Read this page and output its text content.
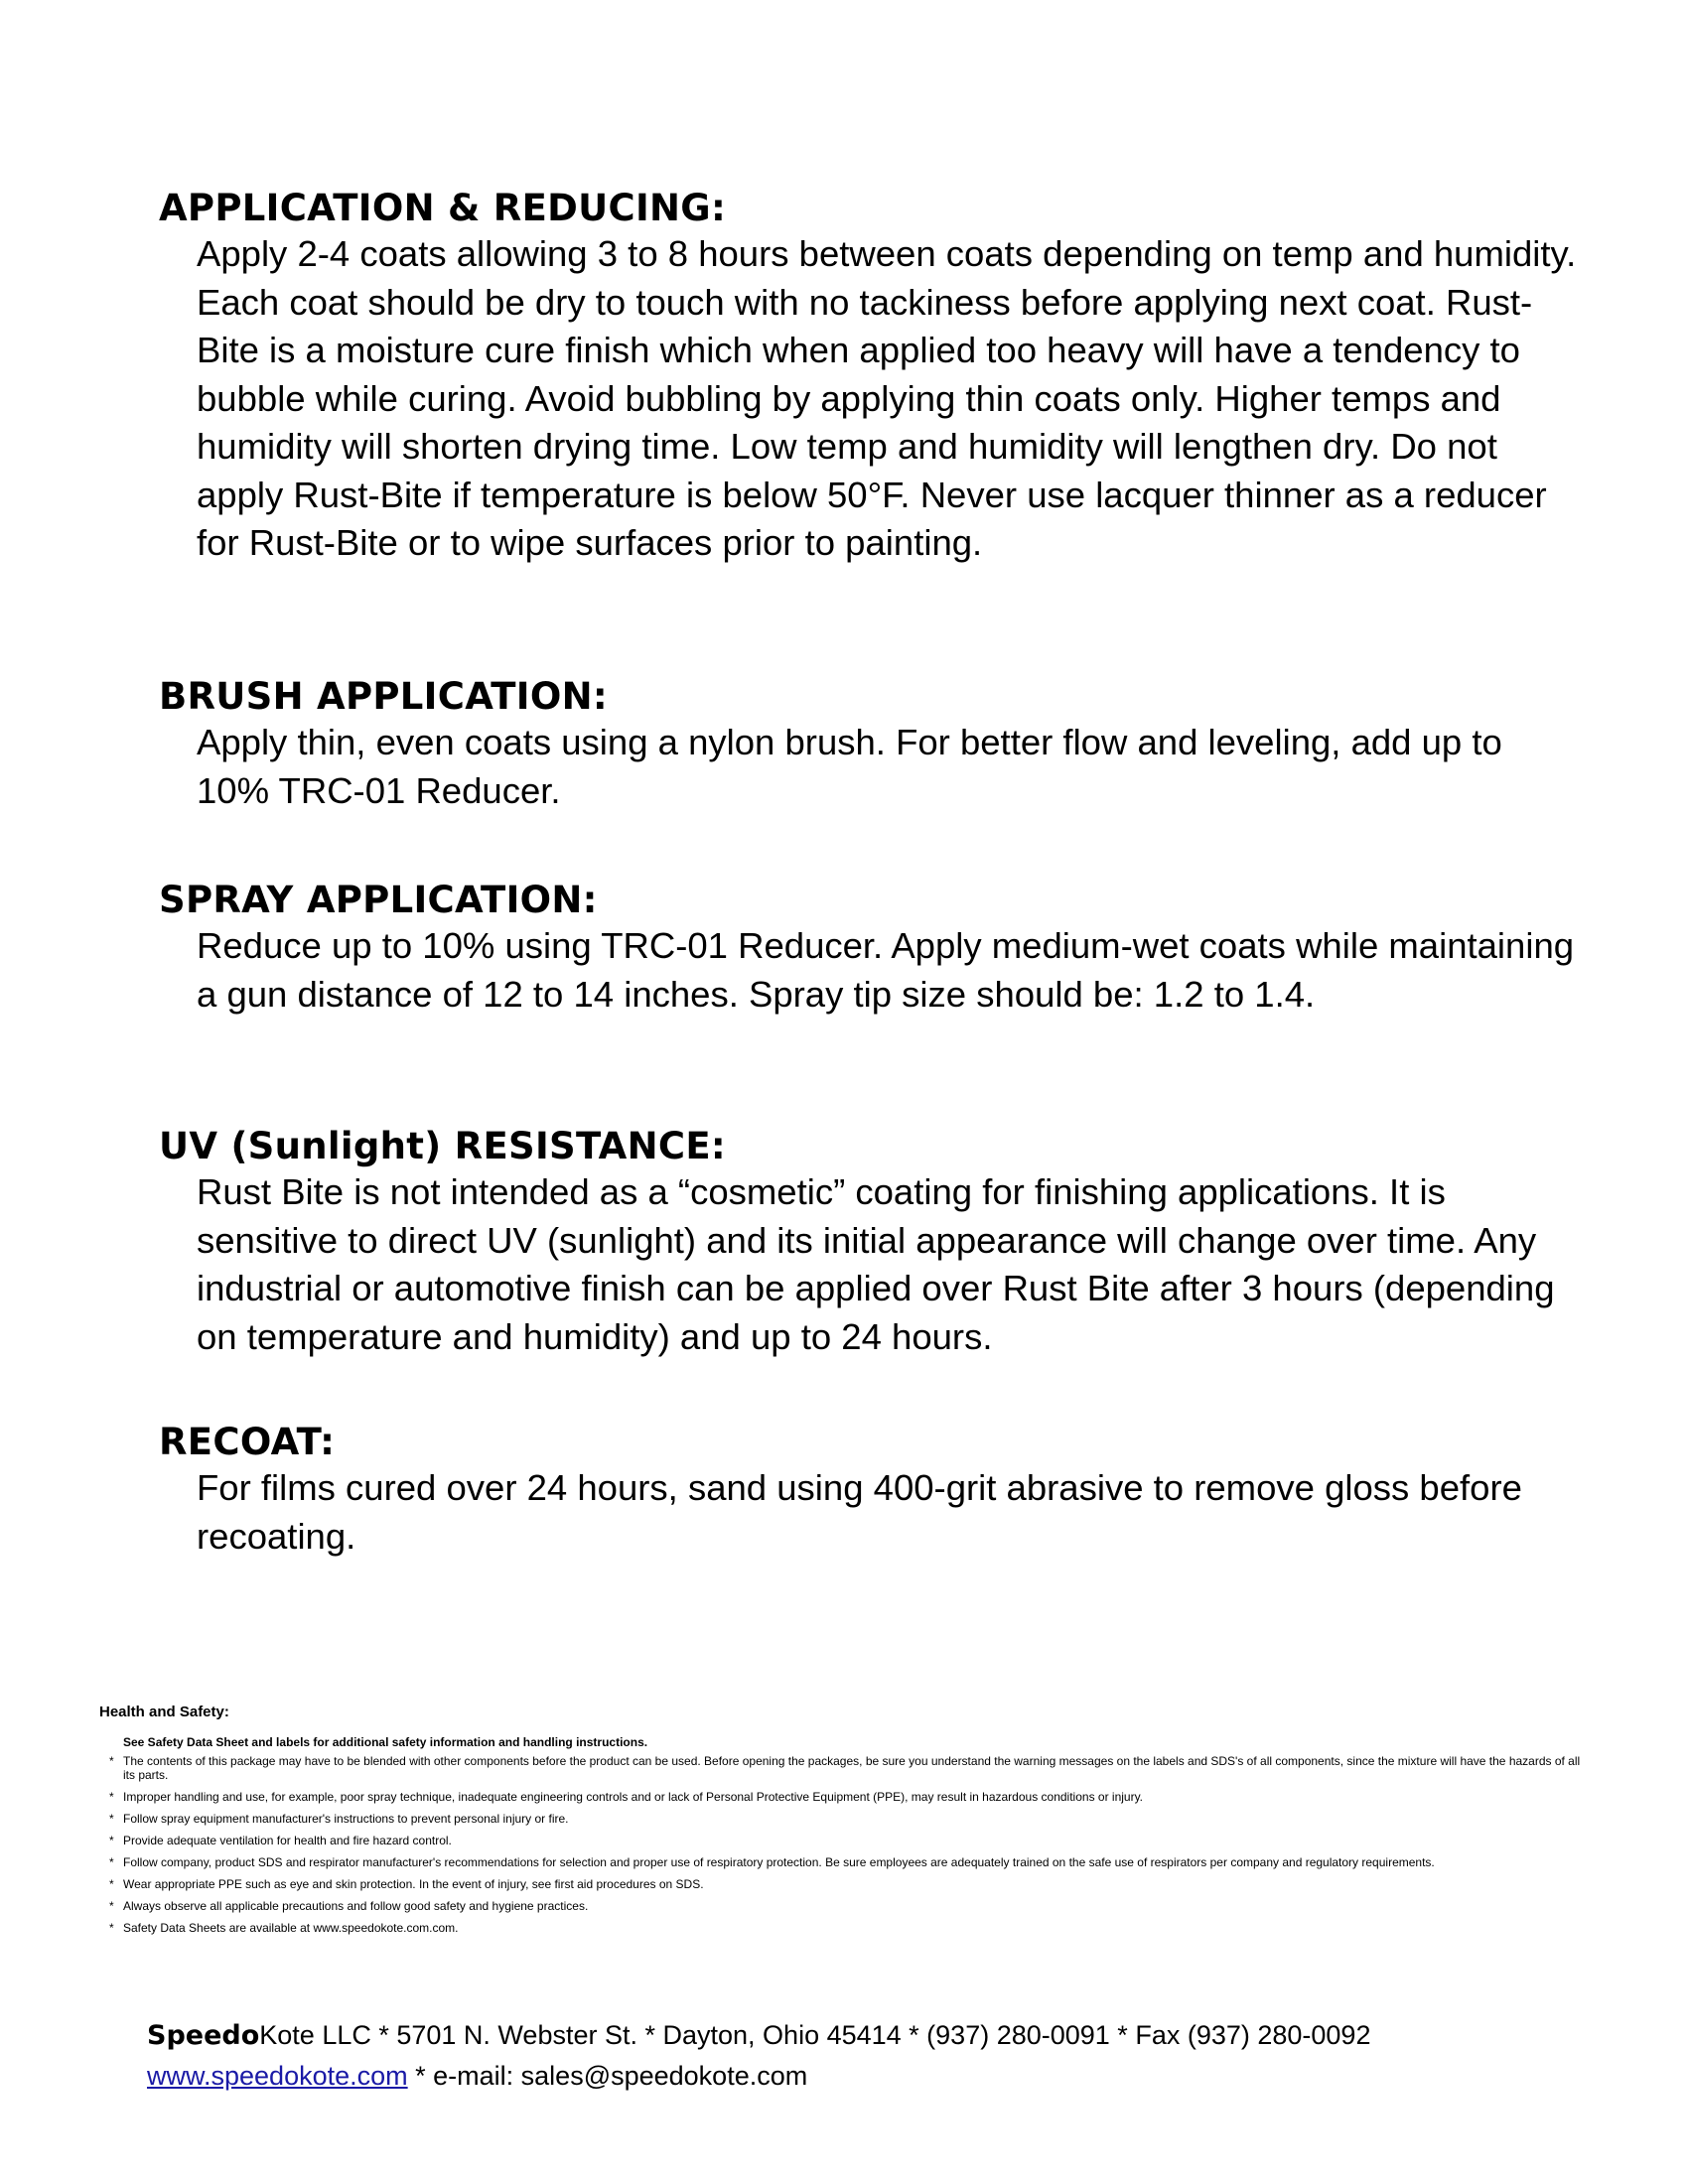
APPLICATION & REDUCING:

Apply 2-4 coats allowing 3 to 8 hours between coats depending on temp and humidity. Each coat should be dry to touch with no tackiness before applying next coat. Rust-Bite is a moisture cure finish which when applied too heavy will have a tendency to bubble while curing. Avoid bubbling by applying thin coats only. Higher temps and humidity will shorten drying time. Low temp and humidity will lengthen dry. Do not apply Rust-Bite if temperature is below 50°F. Never use lacquer thinner as a reducer for Rust-Bite or to wipe surfaces prior to painting.

BRUSH APPLICATION:

Apply thin, even coats using a nylon brush. For better flow and leveling, add up to 10% TRC-01 Reducer.

SPRAY APPLICATION:

Reduce up to 10% using TRC-01 Reducer. Apply medium-wet coats while maintaining a gun distance of 12 to 14 inches. Spray tip size should be: 1.2 to 1.4.

UV (Sunlight) RESISTANCE:

Rust Bite is not intended as a “cosmetic” coating for finishing applications. It is sensitive to direct UV (sunlight) and its initial appearance will change over time. Any industrial or automotive finish can be applied over Rust Bite after 3 hours (depending on temperature and humidity) and up to 24 hours.

RECOAT:

For films cured over 24 hours, sand using 400-grit abrasive to remove gloss before recoating.

Health and Safety:

See Safety Data Sheet and labels for additional safety information and handling instructions.

* The contents of this package may have to be blended with other components before the product can be used. Before opening the packages, be sure you understand the warning messages on the labels and SDS's of all components, since the mixture will have the hazards of all its parts.
* Improper handling and use, for example, poor spray technique, inadequate engineering controls and or lack of Personal Protective Equipment (PPE), may result in hazardous conditions or injury.
* Follow spray equipment manufacturer's instructions to prevent personal injury or fire.
* Provide adequate ventilation for health and fire hazard control.
* Follow company, product SDS and respirator manufacturer's recommendations for selection and proper use of respiratory protection. Be sure employees are adequately trained on the safe use of respirators per company and regulatory requirements.
* Wear appropriate PPE such as eye and skin protection. In the event of injury, see first aid procedures on SDS.
* Always observe all applicable precautions and follow good safety and hygiene practices.
* Safety Data Sheets are available at www.speedokote.com.com.

SpeedoKote LLC * 5701 N. Webster St. * Dayton, Ohio 45414 * (937) 280-0091 * Fax (937) 280-0092

www.speedokote.com * e-mail: sales@speedokote.com
